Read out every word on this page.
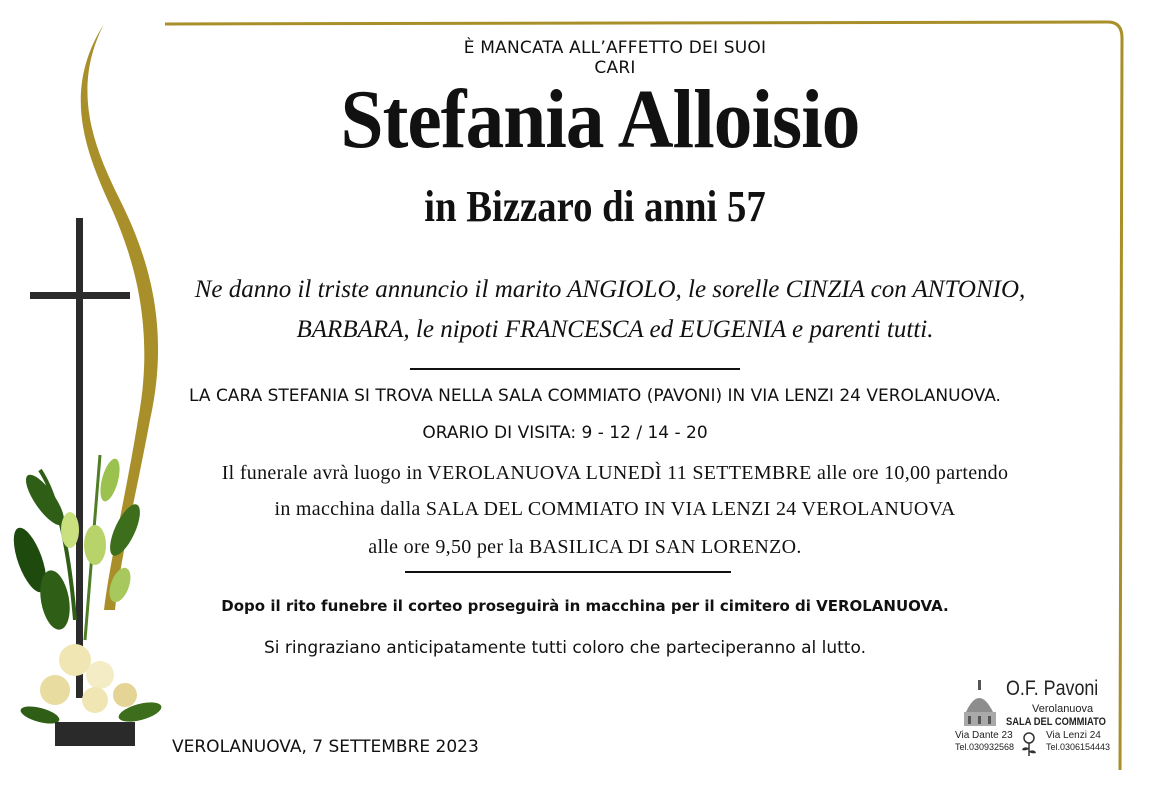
È MANCATA ALL’AFFETTO DEI SUOI CARI
Stefania Alloisio
in Bizzaro di anni 57
Ne danno il triste annuncio il marito ANGIOLO, le sorelle CINZIA con ANTONIO,
BARBARA, le nipoti FRANCESCA ed EUGENIA e parenti tutti.
LA CARA STEFANIA SI TROVA NELLA SALA COMMIATO (PAVONI) IN VIA LENZI 24 VEROLANUOVA.
ORARIO DI VISITA: 9 - 12 / 14 - 20
Il funerale avrà luogo in VEROLANUOVA LUNEDÌ 11 SETTEMBRE alle ore 10,00 partendo
in macchina dalla SALA DEL COMMIATO IN VIA LENZI 24 VEROLANUOVA
alle ore 9,50 per la BASILICA DI SAN LORENZO.
Dopo il rito funebre il corteo proseguirà in macchina per il cimitero di VEROLANUOVA.
Si ringraziano anticipatamente tutti coloro che parteciperanno al lutto.
VEROLANUOVA, 7 SETTEMBRE 2023
O.F. Pavoni
Verolanuova
SALA DEL COMMIATO
Via Dante 23
Tel.030932568
Via Lenzi 24
Tel.0306154443
